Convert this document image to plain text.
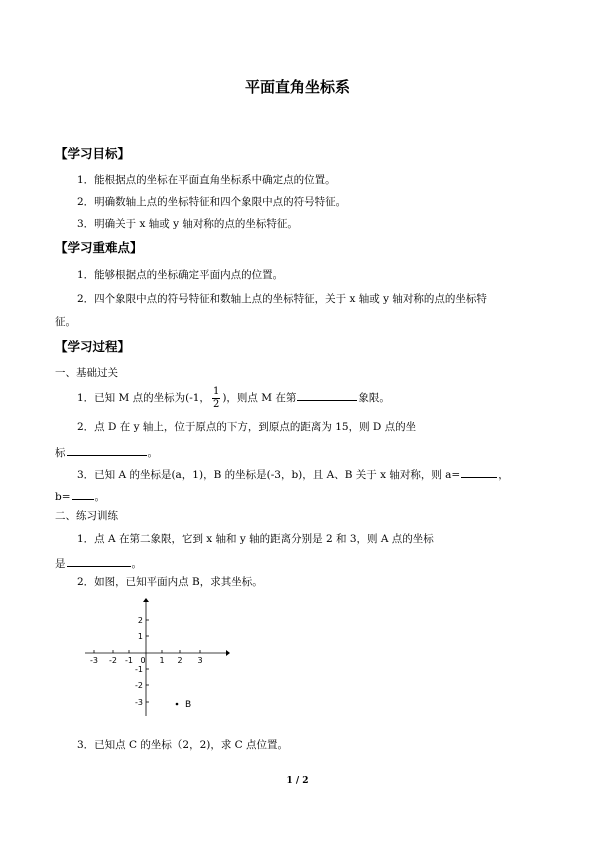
平面直角坐标系
【学习目标】
1．能根据点的坐标在平面直角坐标系中确定点的位置。
2．明确数轴上点的坐标特征和四个象限中点的符号特征。
3．明确关于 x 轴或 y 轴对称的点的坐标特征。
【学习重难点】
1．能够根据点的坐标确定平面内点的位置。
2．四个象限中点的符号特征和数轴上点的坐标特征，关于 x 轴或 y 轴对称的点的坐标特
征。
【学习过程】
一、基础过关
1．已知 M 点的坐标为(-1， $\frac{1}{2}$ )，则点 M 在第	象限。
2．点 D 在 y 轴上，位于原点的下方，到原点的距离为 15，则 D 点的坐
标	。
3．已知 A 的坐标是(a，1)，B 的坐标是(-3，b)，且 A、B 关于 x 轴对称，则 a=	，
b= 。
二、练习训练
1．点 A 在第二象限，它到 x 轴和 y 轴的距离分别是 2 和 3，则 A 点的坐标
是	。
2．如图，已知平面内点 B，求其坐标。
-3 -2 -1 0 1 2 3
2
1
-1
-2
-3	B
3．已知点 C 的坐标（2，2)，求 C 点位置。
1 / 2
